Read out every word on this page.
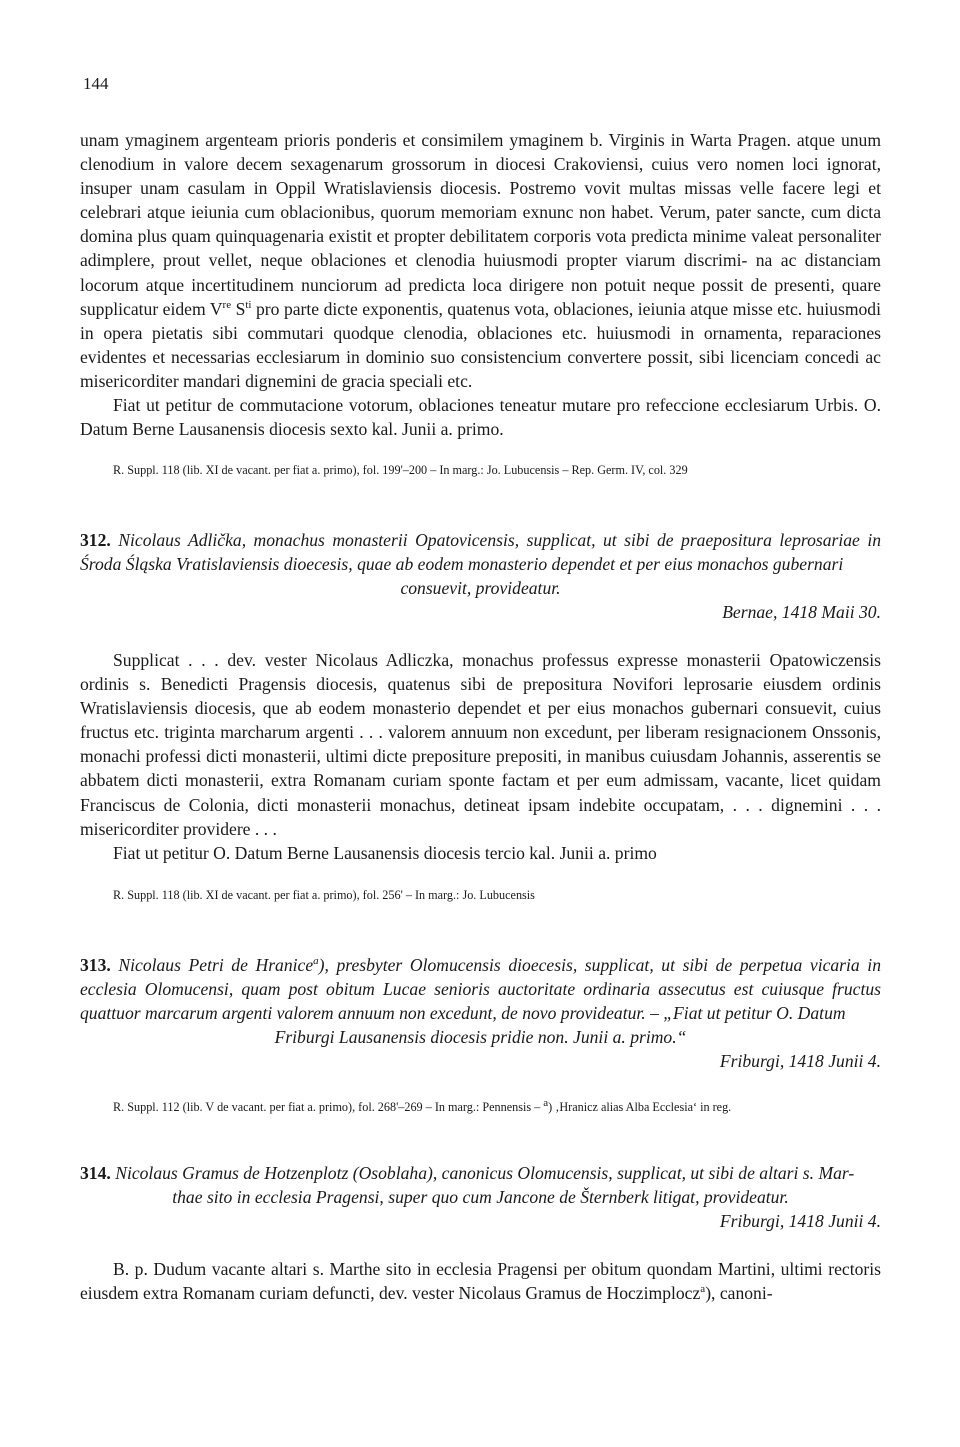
144

unam ymaginem argenteam prioris ponderis et consimilem ymaginem b. Virginis in Warta Pragen. atque unum clenodium in valore decem sexagenarum grossorum in diocesi Crakoviensi, cuius vero nomen loci ignorat, insuper unam casulam in Oppil Wratislaviensis diocesis. Postremo vovit multas missas velle facere legi et celebrari atque ieiunia cum oblacionibus, quorum memoriam exnunc non habet. Verum, pater sancte, cum dicta domina plus quam quinquagenaria existit et propter debilitatem corporis vota predicta minime valeat personaliter adimplere, prout vellet, neque oblaciones et clenodia huiusmodi propter viarum discrimi- na ac distanciam locorum atque incertitudinem nunciorum ad predicta loca dirigere non potuit neque possit de presenti, quare supplicatur eidem Vre $S^{ti}$ pro parte dicte exponentis, quatenus vota, oblaciones, ieiunia atque misse etc. huiusmodi in opera pietatis sibi commutari quodque clenodia, oblaciones etc. huiusmodi in ornamenta, reparaciones evidentes et necessarias ecclesiarum in dominio suo consistencium convertere possit, sibi licenciam concedi ac misericorditer mandari dignemini de gracia speciali etc.

Fiat ut petitur de commutacione votorum, oblaciones teneatur mutare pro refeccione ecclesiarum Urbis. O. Datum Berne Lausanensis diocesis sexto kal. Junii a. primo.

R. Suppl. 118 (lib. XI de vacant. per fiat a. primo), fol. 199'–200 – In marg.: Jo. Lubucensis – Rep. Germ. IV, col. 329

312. Nicolaus Adlička, monachus monasterii Opatovicensis, supplicat, ut sibi de praepositura leprosariae in Środa Śląska Vratislaviensis dioecesis, quae ab eodem monasterio dependet et per eius monachos gubernari
consuevit, provideatur.

Bernae, 1418 Maii 30.

Supplicat . . . dev. vester Nicolaus Adliczka, monachus professus expresse monasterii Opatowiczensis ordinis s. Benedicti Pragensis diocesis, quatenus sibi de prepositura Novifori leprosarie eiusdem ordinis Wratislaviensis diocesis, que ab eodem monasterio dependet et per eius monachos gubernari consuevit, cuius fructus etc. triginta marcharum argenti . . . valorem annuum non excedunt, per liberam resignacionem Onssonis, monachi professi dicti monasterii, ultimi dicte prepositure prepositi, in manibus cuiusdam Johannis, asserentis se abbatem dicti monasterii, extra Romanam curiam sponte factam et per eum admissam, vacante, licet quidam Franciscus de Colonia, dicti monasterii monachus, detineat ipsam indebite occupatam, . . . dignemini . . . misericorditer providere . . .

Fiat ut petitur O. Datum Berne Lausanensis diocesis tercio kal. Junii a. primo

R. Suppl. 118 (lib. XI de vacant. per fiat a. primo), fol. 256' – In marg.: Jo. Lubucensis

313. Nicolaus Petri de Hranice$^a$), presbyter Olomucensis dioecesis, supplicat, ut sibi de perpetua vicaria in ecclesia Olomucensi, quam post obitum Lucae senioris auctoritate ordinaria assecutus est cuiusque fructus quattuor marcarum argenti valorem annuum non excedunt, de novo provideatur. – „Fiat ut petitur O. Datum
Friburgi Lausanensis diocesis pridie non. Junii a. primo.“

Friburgi, 1418 Junii 4.

R. Suppl. 112 (lib. V de vacant. per fiat a. primo), fol. 268'–269 – In marg.: Pennensis – $^a$) ‚Hranicz alias Alba Ecclesia‘ in reg.

314. Nicolaus Gramus de Hotzenplotz (Osoblaha), canonicus Olomucensis, supplicat, ut sibi de altari s. Mar-
thae sito in ecclesia Pragensi, super quo cum Jancone de Šternberk litigat, provideatur.

Friburgi, 1418 Junii 4.

B. p. Dudum vacante altari s. Marthe sito in ecclesia Pragensi per obitum quondam Martini, ultimi rectoris eiusdem extra Romanam curiam defuncti, dev. vester Nicolaus Gramus de Hoczimplocz$^a$), canoni-
